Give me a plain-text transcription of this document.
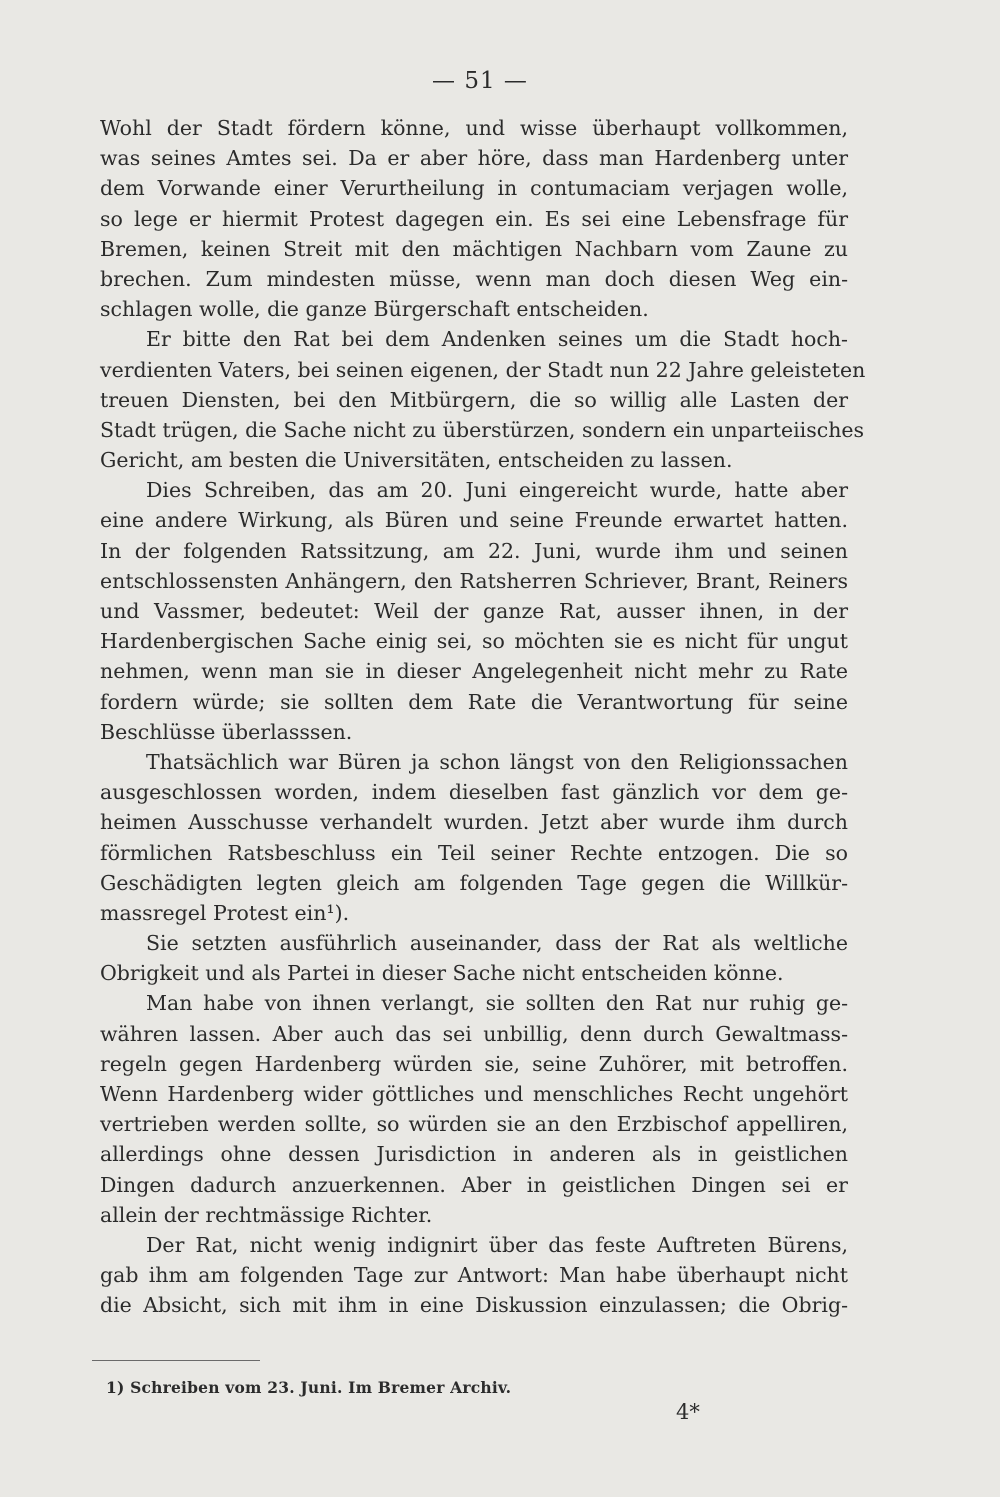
— 51 —
Wohl der Stadt fördern könne, und wisse überhaupt vollkommen,
was seines Amtes sei. Da er aber höre, dass man Hardenberg unter
dem Vorwande einer Verurtheilung in contumaciam verjagen wolle,
so lege er hiermit Protest dagegen ein. Es sei eine Lebensfrage für
Bremen, keinen Streit mit den mächtigen Nachbarn vom Zaune zu
brechen. Zum mindesten müsse, wenn man doch diesen Weg ein-
schlagen wolle, die ganze Bürgerschaft entscheiden.
Er bitte den Rat bei dem Andenken seines um die Stadt hoch-
verdienten Vaters, bei seinen eigenen, der Stadt nun 22 Jahre geleisteten
treuen Diensten, bei den Mitbürgern, die so willig alle Lasten der
Stadt trügen, die Sache nicht zu überstürzen, sondern ein unparteiisches
Gericht, am besten die Universitäten, entscheiden zu lassen.
Dies Schreiben, das am 20. Juni eingereicht wurde, hatte aber
eine andere Wirkung, als Büren und seine Freunde erwartet hatten.
In der folgenden Ratssitzung, am 22. Juni, wurde ihm und seinen
entschlossensten Anhängern, den Ratsherren Schriever, Brant, Reiners
und Vassmer, bedeutet: Weil der ganze Rat, ausser ihnen, in der
Hardenbergischen Sache einig sei, so möchten sie es nicht für ungut
nehmen, wenn man sie in dieser Angelegenheit nicht mehr zu Rate
fordern würde; sie sollten dem Rate die Verantwortung für seine
Beschlüsse überlasssen.
Thatsächlich war Büren ja schon längst von den Religionssachen
ausgeschlossen worden, indem dieselben fast gänzlich vor dem ge-
heimen Ausschusse verhandelt wurden. Jetzt aber wurde ihm durch
förmlichen Ratsbeschluss ein Teil seiner Rechte entzogen. Die so
Geschädigten legten gleich am folgenden Tage gegen die Willkür-
massregel Protest ein¹).
Sie setzten ausführlich auseinander, dass der Rat als weltliche
Obrigkeit und als Partei in dieser Sache nicht entscheiden könne.
Man habe von ihnen verlangt, sie sollten den Rat nur ruhig ge-
währen lassen. Aber auch das sei unbillig, denn durch Gewaltmass-
regeln gegen Hardenberg würden sie, seine Zuhörer, mit betroffen.
Wenn Hardenberg wider göttliches und menschliches Recht ungehört
vertrieben werden sollte, so würden sie an den Erzbischof appelliren,
allerdings ohne dessen Jurisdiction in anderen als in geistlichen
Dingen dadurch anzuerkennen. Aber in geistlichen Dingen sei er
allein der rechtmässige Richter.
Der Rat, nicht wenig indignirt über das feste Auftreten Bürens,
gab ihm am folgenden Tage zur Antwort: Man habe überhaupt nicht
die Absicht, sich mit ihm in eine Diskussion einzulassen; die Obrig-
1) Schreiben vom 23. Juni. Im Bremer Archiv.
4*
